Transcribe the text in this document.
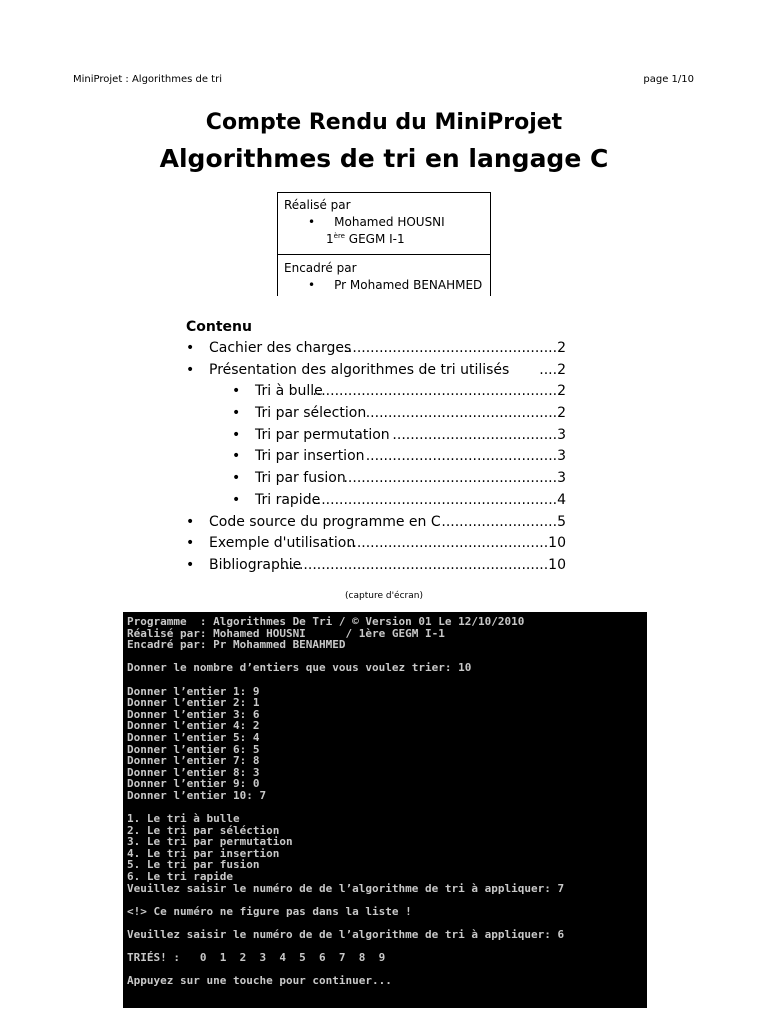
MiniProjet : Algorithmes de tri	page 1/10
Compte Rendu du MiniProjet
Algorithmes de tri en langage C
Réalisé par
• Mohamed HOUSNI
1ère GEGM I-1
Encadré par
• Pr Mohamed BENAHMED
Contenu
• Cachier des charges
................................................2
• Présentation des algorithmes de tri utilisés ....2
• Tri à bulle
.......................................................2
• Tri par sélection ...........................................2
• Tri par permutation .....................................3
• Tri par insertion ...........................................3
• Tri par fusion
................................................3
• Tri rapide
.......................................................4
• Code source du programme en C ..........................5
• Exemple d'utilisation
.............................................10
• Bibliographie
............................................................10
(capture d'écran)
Programme  : Algorithmes De Tri / © Version 01 Le 12/10/2010
Réalisé par: Mohamed HOUSNI      / 1ère GEGM I-1
Encadré par: Pr Mohammed BENAHMED
Donner le nombre d’entiers que vous voulez trier: 10
Donner l’entier 1: 9
Donner l’entier 2: 1
Donner l’entier 3: 6
Donner l’entier 4: 2
Donner l’entier 5: 4
Donner l’entier 6: 5
Donner l’entier 7: 8
Donner l’entier 8: 3
Donner l’entier 9: 0
Donner l’entier 10: 7
1. Le tri à bulle
2. Le tri par séléction
3. Le tri par permutation
4. Le tri par insertion
5. Le tri par fusion
6. Le tri rapide
Veuillez saisir le numéro de de l’algorithme de tri à appliquer: 7
<!> Ce numéro ne figure pas dans la liste !
Veuillez saisir le numéro de de l’algorithme de tri à appliquer: 6
TRIÉS! :   0  1  2  3  4  5  6  7  8  9
Appuyez sur une touche pour continuer...
